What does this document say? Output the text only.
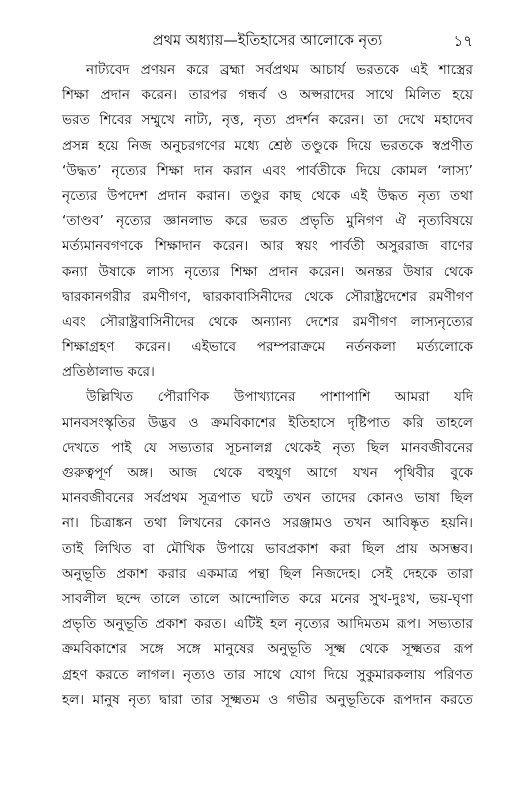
প্রথম অধ্যায়—ইতিহাসের আলোকে নৃত্য	১৭
নাট্যবেদ প্রণয়ন করে ব্রহ্মা সর্বপ্রথম আচার্য ভরতকে এই শাস্ত্রের
শিক্ষা প্রদান করেন। তারপর গন্ধর্ব ও অপ্সরাদের সাথে মিলিত হয়ে
ভরত শিবের সম্মুখে নাট্য, নৃত্ত, নৃত্য প্রদর্শন করেন। তা দেখে মহাদেব
প্রসন্ন হয়ে নিজ অনুচরগণের মধ্যে শ্রেষ্ঠ তণ্ডুকে দিয়ে ভরতকে স্বপ্রণীত
‘উদ্ধত’ নৃত্যের শিক্ষা দান করান এবং পার্বতীকে দিয়ে কোমল ‘লাস্য’
নৃত্যের উপদেশ প্রদান করান। তণ্ডুর কাছ থেকে এই উদ্ধত নৃত্য তথা
‘তাণ্ডব’ নৃত্যের জ্ঞানলাভ করে ভরত প্রভৃতি মুনিগণ ঐ নৃত্যবিষয়ে
মর্ত্যমানবগণকে শিক্ষাদান করেন। আর স্বয়ং পার্বতী অসুররাজ বাণের
কন্যা উষাকে লাস্য নৃত্যের শিক্ষা প্রদান করেন। অনন্তর উষার থেকে
দ্বারকানগরীর রমণীগণ, দ্বারকাবাসিনীদের থেকে সৌরাষ্ট্রদেশের রমণীগণ
এবং সৌরাষ্ট্রবাসিনীদের থেকে অন্যান্য দেশের রমণীগণ লাস্যনৃত্যের
শিক্ষাগ্রহণ করেন। এইভাবে পরম্পরাক্রমে নর্তনকলা মর্ত্যলোকে
প্রতিষ্ঠালাভ করে।
উল্লিখিত পৌরাণিক উপাখ্যানের পাশাপাশি আমরা যদি
মানবসংস্কৃতির উদ্ভব ও ক্রমবিকাশের ইতিহাসে দৃষ্টিপাত করি তাহলে
দেখতে পাই যে সভ্যতার সূচনালগ্ন থেকেই নৃত্য ছিল মানবজীবনের
গুরুত্বপূর্ণ অঙ্গ। আজ থেকে বহুযুগ আগে যখন পৃথিবীর বুকে
মানবজীবনের সর্বপ্রথম সূত্রপাত ঘটে তখন তাদের কোনও ভাষা ছিল
না। চিত্রাঙ্কন তথা লিখনের কোনও সরঞ্জামও তখন আবিষ্কৃত হয়নি।
তাই লিখিত বা মৌখিক উপায়ে ভাবপ্রকাশ করা ছিল প্রায় অসম্ভব।
অনুভূতি প্রকাশ করার একমাত্র পন্থা ছিল নিজদেহ। সেই দেহকে তারা
সাবলীল ছন্দে তালে তালে আন্দোলিত করে মনের সুখ-দুঃখ, ভয়-ঘৃণা
প্রভৃতি অনুভূতি প্রকাশ করত। এটিই হল নৃত্যের আদিমতম রূপ। সভ্যতার
ক্রমবিকাশের সঙ্গে সঙ্গে মানুষের অনুভূতি সূক্ষ্ম থেকে সূক্ষ্মতর রূপ
গ্রহণ করতে লাগল। নৃত্যও তার সাথে যোগ দিয়ে সুকুমারকলায় পরিণত
হল। মানুষ নৃত্য দ্বারা তার সূক্ষ্মতম ও গভীর অনুভূতিকে রূপদান করতে
